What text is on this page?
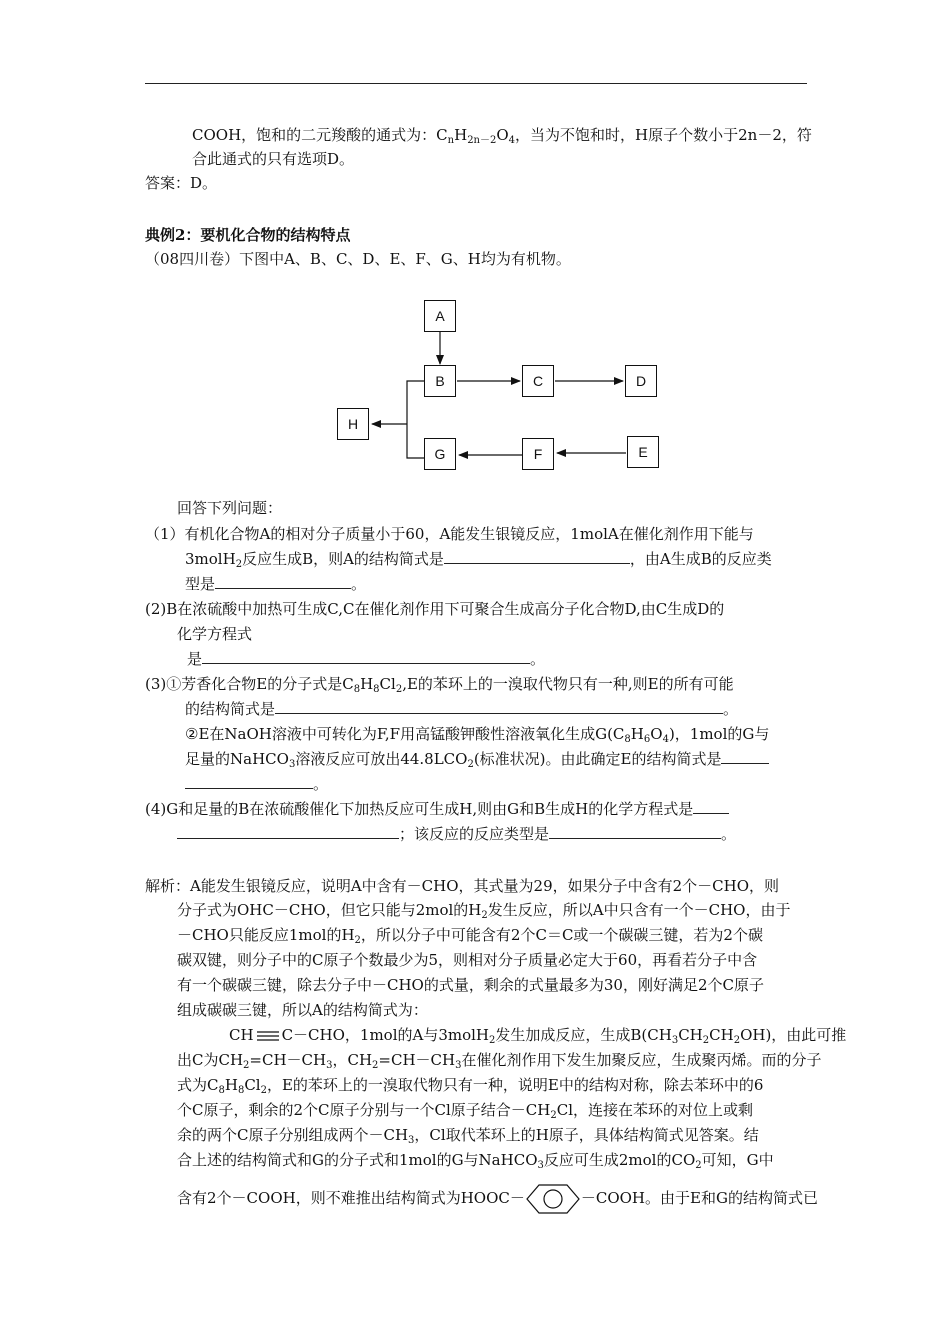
COOH，饱和的二元羧酸的通式为：$C_nH_{2n-2}O_4$，当为不饱和时，H原子个数小于2n－2，符
合此通式的只有选项D。
答案：D。
典例2：要机化合物的结构特点
（08四川卷）下图中A、B、C、D、E、F、G、H均为有机物。
A
B	C	D
H
G	F	E
回答下列问题：
（1）有机化合物A的相对分子质量小于60，A能发生银镜反应，1molA在催化剂作用下能与
3molH$_2$反应生成B，则A的结构简式是	，由A生成B的反应类
型是	。
(2)B在浓硫酸中加热可生成C,C在催化剂作用下可聚合生成高分子化合物D,由C生成D的
化学方程式
是	。
(3)①芳香化合物E的分子式是$C_8H_8Cl_2,E$的苯环上的一溴取代物只有一种,则E的所有可能
的结构简式是	。
②E在NaOH溶液中可转化为F,F用高锰酸钾酸性溶液氧化生成$G(C_8H_6O_4)$，1mol的G与
足量的NaHCO$_3$溶液反应可放出$44.8LCO_2$(标准状况)。由此确定E的结构简式是
。
(4)G和足量的B在浓硫酸催化下加热反应可生成H,则由G和B生成H的化学方程式是
；该反应的反应类型是	。
解析：A能发生银镜反应，说明A中含有－CHO，其式量为29，如果分子中含有2个－CHO，则
分子式为OHC－CHO，但它只能与2mol的$H_2$发生反应，所以A中只含有一个－CHO，由于
－CHO只能反应1mol的$H_2$，所以分子中可能含有2个C＝C或一个碳碳三键，若为2个碳
碳双键，则分子中的C原子个数最少为5，则相对分子质量必定大于60，再看若分子中含
有一个碳碳三键，除去分子中－CHO的式量，剩余的式量最多为30，刚好满足2个C原子
组成碳碳三键，所以A的结构简式为：
CH C－CHO，1mol的A与3molH$_2$发生加成反应，生成$B(CH_3CH_2CH_2OH)$，由此可推
出C为$CH_2=CH-CH_3$，$CH_2=CH-CH_3$在催化剂作用下发生加聚反应，生成聚丙烯。而的分子
式为$C_8H_8Cl_2$，E的苯环上的一溴取代物只有一种，说明E中的结构对称，除去苯环中的6
个C原子，剩余的2个C原子分别与一个Cl原子结合$-CH_2Cl$，连接在苯环的对位上或剩
余的两个C原子分别组成两个$-CH_3$，Cl取代苯环上的H原子，具体结构简式见答案。结
合上述的结构简式和G的分子式和1mol的G与NaHCO$_3$反应可生成2mol的$CO_2$可知，G中
含有2个－COOH，则不难推出结构简式为HOOC－	－COOH。由于E和G的结构简式已
